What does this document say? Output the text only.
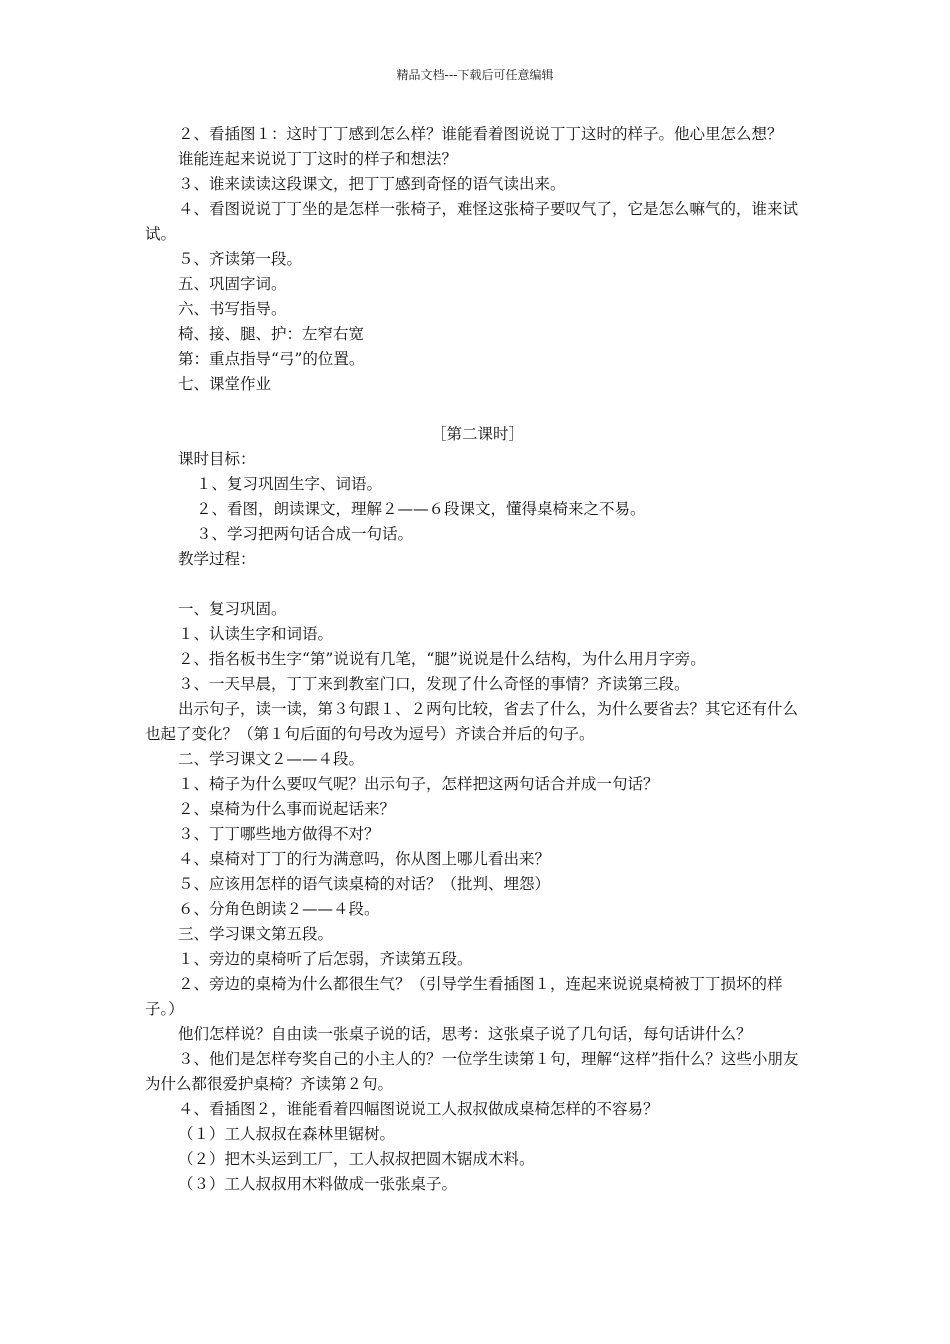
精品文档---下载后可任意编辑

２、看插图１：这时丁丁感到怎么样？谁能看着图说说丁丁这时的样子。他心里怎么想？

谁能连起来说说丁丁这时的样子和想法？

３、谁来读读这段课文，把丁丁感到奇怪的语气读出来。

４、看图说说丁丁坐的是怎样一张椅子，难怪这张椅子要叹气了，它是怎么嘛气的，谁来试试。

５、齐读第一段。

五、巩固字词。

六、书写指导。

椅、接、腿、护：左窄右宽

第：重点指导“弓”的位置。

七、课堂作业

［第二课时］

课时目标：

１、复习巩固生字、词语。

２、看图，朗读课文，理解２——６段课文，懂得桌椅来之不易。

３、学习把两句话合成一句话。

教学过程：

一、复习巩固。

１、认读生字和词语。

２、指名板书生字“第”说说有几笔，“腿”说说是什么结构，为什么用月字旁。

３、一天早晨，丁丁来到教室门口，发现了什么奇怪的事情？齐读第三段。

出示句子，读一读，第３句跟１、２两句比较，省去了什么，为什么要省去？其它还有什么也起了变化？（第１句后面的句号改为逗号）齐读合并后的句子。

二、学习课文２——４段。

１、椅子为什么要叹气呢？出示句子，怎样把这两句话合并成一句话？

２、桌椅为什么事而说起话来？

３、丁丁哪些地方做得不对？

４、桌椅对丁丁的行为满意吗，你从图上哪儿看出来？

５、应该用怎样的语气读桌椅的对话？（批判、埋怨）

６、分角色朗读２——４段。

三、学习课文第五段。

１、旁边的桌椅听了后怎弱，齐读第五段。

２、旁边的桌椅为什么都很生气？（引导学生看插图１，连起来说说桌椅被丁丁损坏的样子。）

他们怎样说？自由读一张桌子说的话，思考：这张桌子说了几句话，每句话讲什么？

３、他们是怎样夸奖自己的小主人的？一位学生读第１句，理解“这样”指什么？这些小朋友为什么都很爱护桌椅？齐读第２句。

４、看插图２，谁能看着四幅图说说工人叔叔做成桌椅怎样的不容易？

（１）工人叔叔在森林里锯树。

（２）把木头运到工厂，工人叔叔把圆木锯成木料。

（３）工人叔叔用木料做成一张张桌子。
